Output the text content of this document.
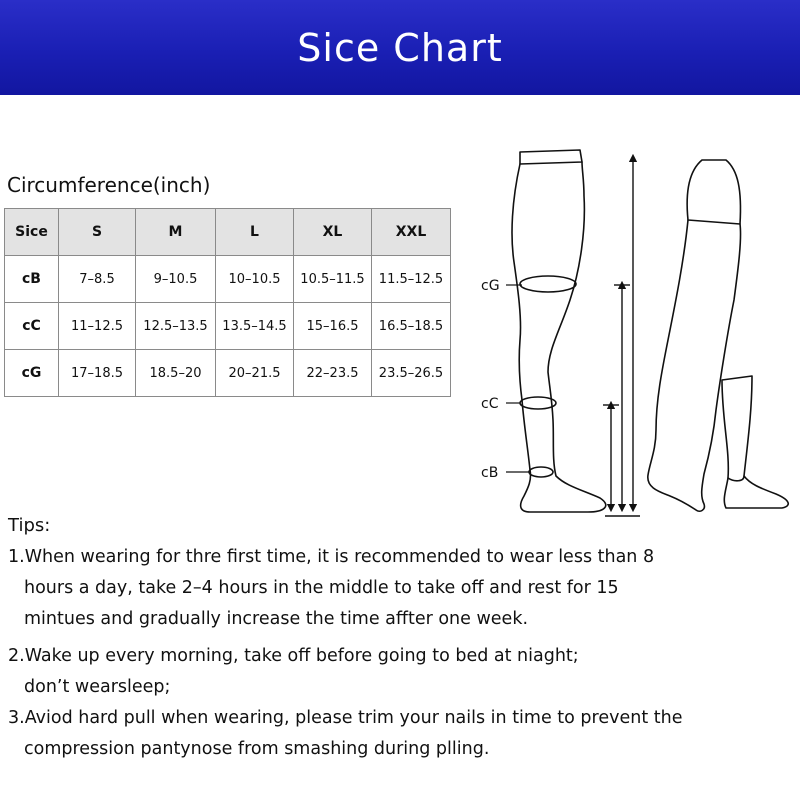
Sice Chart
Circumference(inch)
Sice	S	M	L	XL	XXL
cB	7–8.5	9–10.5	10–10.5	10.5–11.5	11.5–12.5
cC	11–12.5	12.5–13.5	13.5–14.5	15–16.5	16.5–18.5
cG	17–18.5	18.5–20	20–21.5	22–23.5	23.5–26.5
cG
cC
cB
Tips:
1.When wearing for thre first time, it is recommended to wear less than 8
hours a day, take 2–4 hours in the middle to take off and rest for 15
mintues and gradually increase the time affter one week.
2.Wake up every morning, take off before going to bed at niaght;
don’t wearsleep;
3.Aviod hard pull when wearing, please trim your nails in time to prevent the
compression pantynose from smashing during plling.
